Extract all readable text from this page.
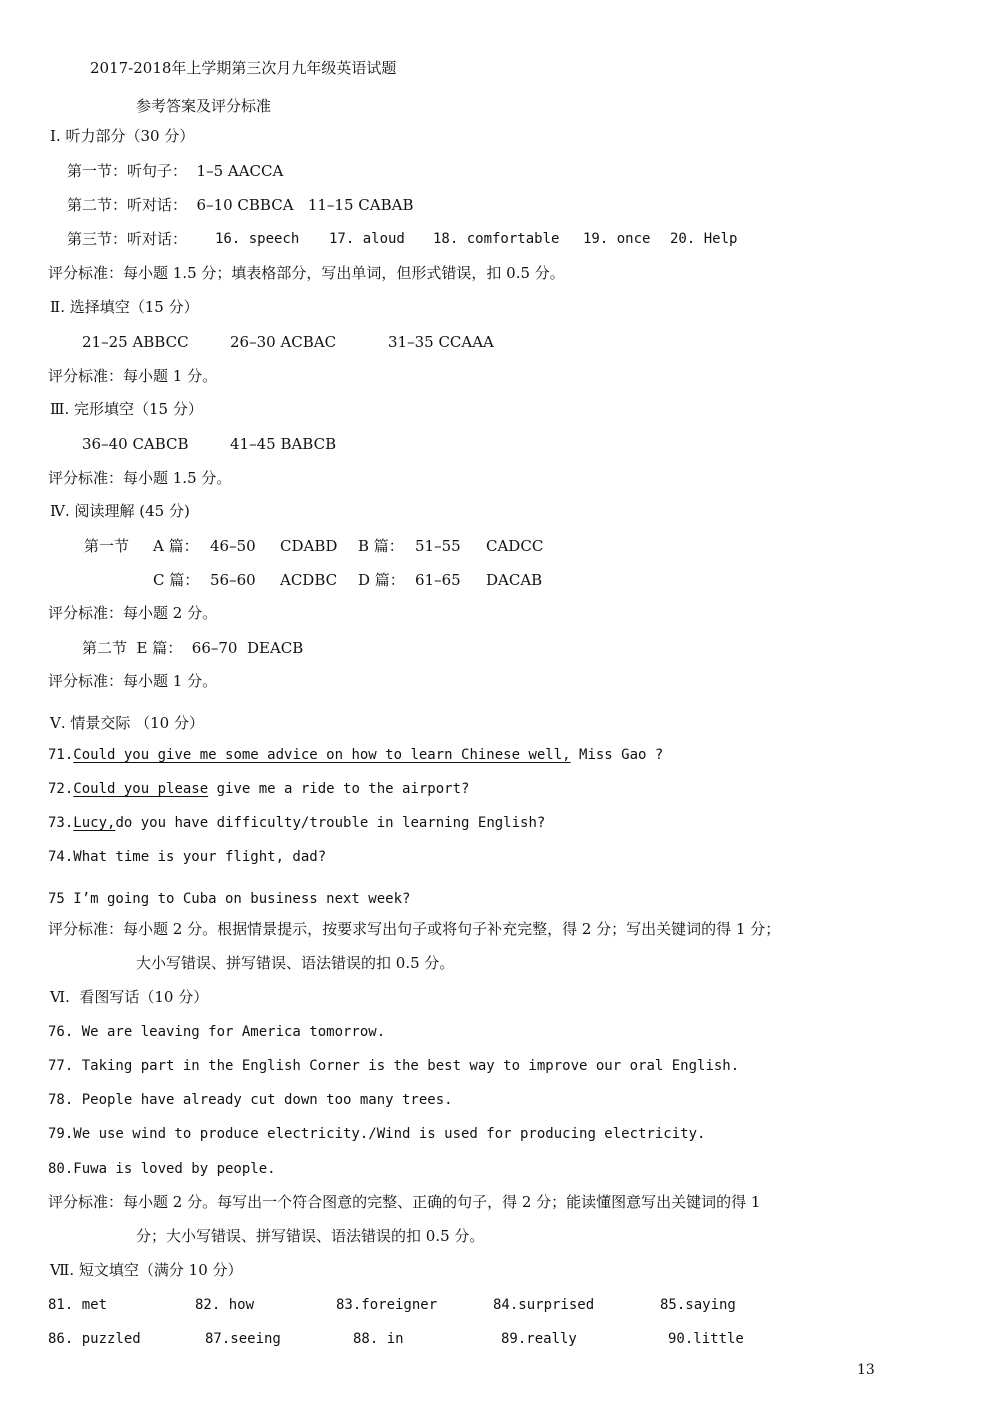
2017-2018年上学期第三次月九年级英语试题
参考答案及评分标准
Ⅰ. 听力部分（30 分）
第一节：听句子：  1–5 AACCA
第二节：听对话：  6–10 CBBCA   11–15 CABAB
第三节：听对话： 16. speech 17. aloud 18. comfortable 19. once 20. Help
评分标准：每小题 1.5 分；填表格部分，写出单词，但形式错误，扣 0.5 分。
Ⅱ. 选择填空（15 分）
21–25 ABBCC	26–30 ACBAC	31–35 CCAAA
评分标准：每小题 1 分。
Ⅲ. 完形填空（15 分）
36–40 CABCB	41–45 BABCB
评分标准：每小题 1.5 分。
Ⅳ. 阅读理解 (45 分)
第一节 A 篇： 46–50 CDABD B 篇： 51–55 CADCC
C 篇： 56–60 ACDBC D 篇： 61–65 DACAB
评分标准：每小题 2 分。
第二节  E 篇：  66–70  DEACB
评分标准：每小题 1 分。
Ⅴ. 情景交际 （10 分）
71.Could you give me some advice on how to learn Chinese well, Miss Gao ?
72.Could you please give me a ride to the airport?
73.Lucy,do you have difficulty/trouble in learning English?
74.What time is your flight, dad?
75 I’m going to Cuba on business next week?
评分标准：每小题 2 分。根据情景提示，按要求写出句子或将句子补充完整，得 2 分；写出关键词的得 1 分；
大小写错误、拼写错误、语法错误的扣 0.5 分。
Ⅵ.  看图写话（10 分）
76. We are leaving for America tomorrow.
77. Taking part in the English Corner is the best way to improve our oral English.
78. People have already cut down too many trees.
79.We use wind to produce electricity./Wind is used for producing electricity.
80.Fuwa is loved by people.
评分标准：每小题 2 分。每写出一个符合图意的完整、正确的句子，得 2 分；能读懂图意写出关键词的得 1
分；大小写错误、拼写错误、语法错误的扣 0.5 分。
Ⅶ. 短文填空（满分 10 分）
81. met	82. how	83.foreigner	84.surprised	85.saying
86. puzzled	87.seeing	88. in	89.really	90.little
13
